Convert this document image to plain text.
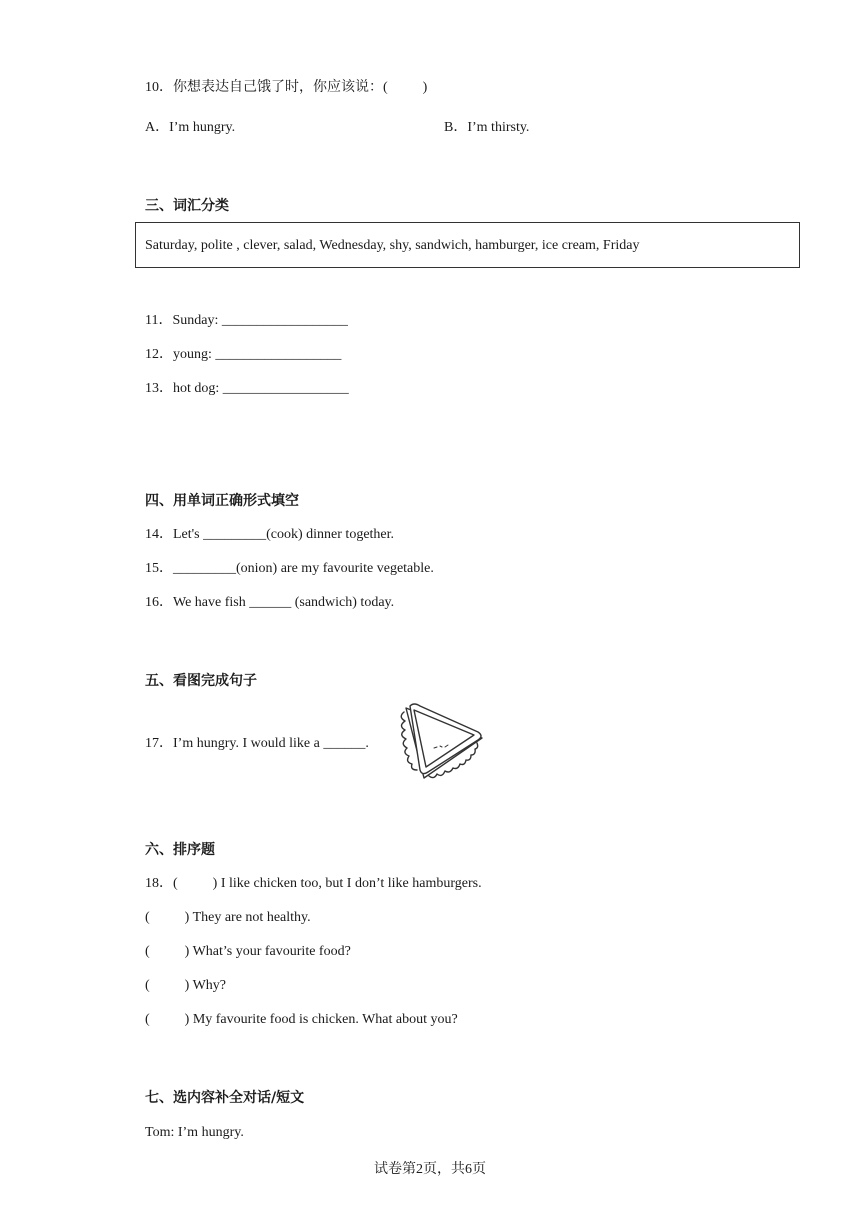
10．你想表达自己饿了时，你应该说：(          )
A．I’m hungry.	B．I’m thirsty.
三、词汇分类
Saturday, polite , clever, salad, Wednesday, shy, sandwich, hamburger, ice cream, Friday
11．Sunday: __________________
12．young: __________________
13．hot dog: __________________
四、用单词正确形式填空
14．Let's _________(cook) dinner together.
15．_________(onion) are my favourite vegetable.
16．We have fish ______ (sandwich) today.
五、看图完成句子
17．I’m hungry. I would like a ______.
六、排序题
18．(          ) I like chicken too, but I don’t like hamburgers.
(          ) They are not healthy.
(          ) What’s your favourite food?
(          ) Why?
(          ) My favourite food is chicken. What about you?
七、选内容补全对话/短文
Tom: I’m hungry.
试卷第2页，共6页
